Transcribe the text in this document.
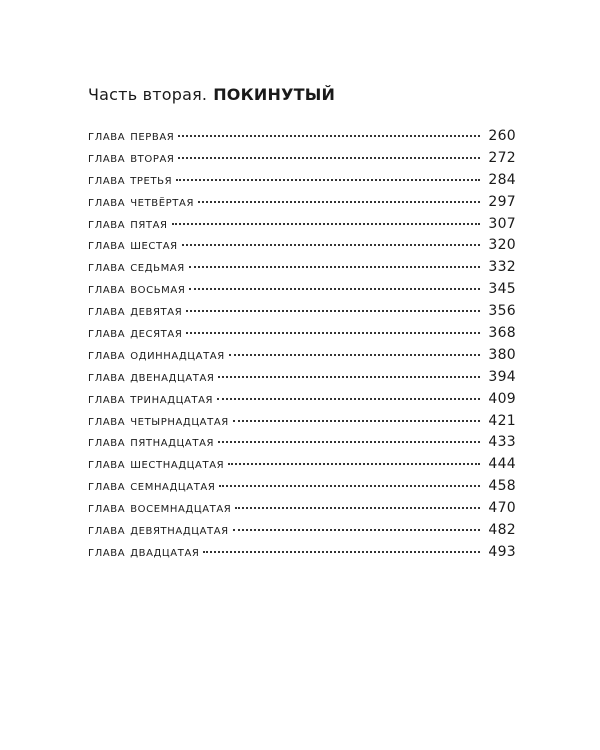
Часть вторая. ПОКИНУТЫЙ
глава первая	260
глава вторая	272
глава третья	284
глава четвёртая	297
глава пятая	307
глава шестая	320
глава седьмая	332
глава восьмая	345
глава девятая	356
глава десятая	368
глава одиннадцатая	380
глава двенадцатая	394
глава тринадцатая	409
глава четырнадцатая	421
глава пятнадцатая	433
глава шестнадцатая	444
глава семнадцатая	458
глава восемнадцатая	470
глава девятнадцатая	482
глава двадцатая	493
